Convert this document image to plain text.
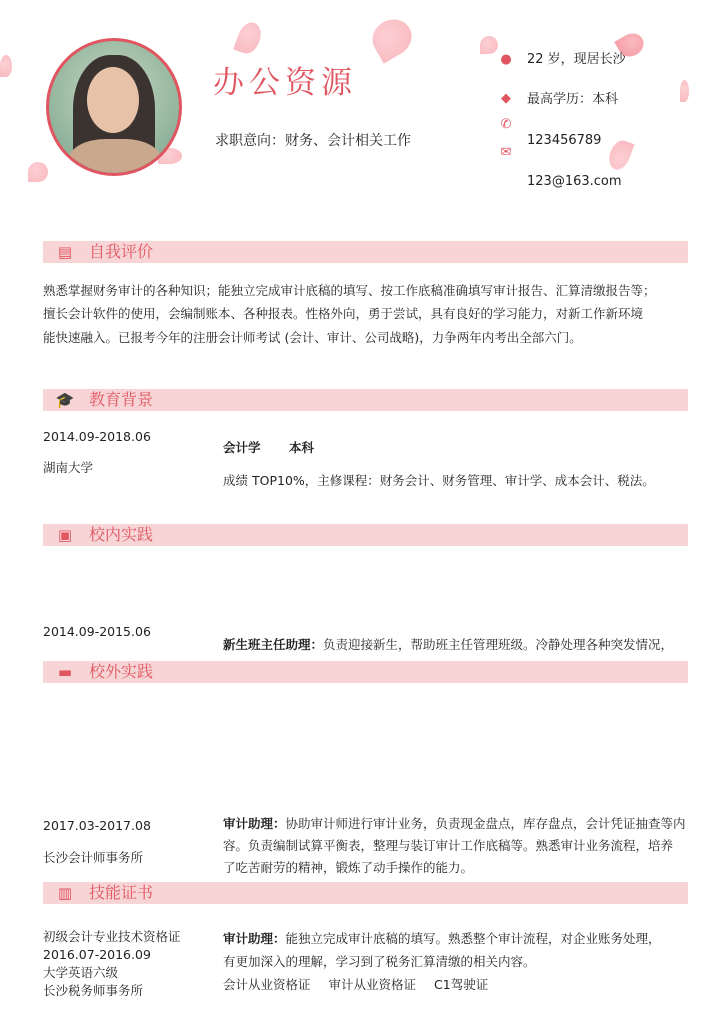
办公资源
求职意向：财务、会计相关工作
● 22 岁，现居长沙
◆ 最高学历：本科
✆
123456789
✉
123@163.com
▤ 自我评价
熟悉掌握财务审计的各种知识；能独立完成审计底稿的填写、按工作底稿准确填写审计报告、汇算清缴报告等；
擅长会计软件的使用，会编制账本、各种报表。性格外向，勇于尝试，具有良好的学习能力，对新工作新环境
能快速融入。已报考今年的注册会计师考试 (会计、审计、公司战略)，力争两年内考出全部六门。
🎓 教育背景
2014.09-2018.06
湖南大学
会计学 本科
成绩 TOP10%，主修课程：财务会计、财务管理、审计学、成本会计、税法。
▣ 校内实践
2014.09-2015.06
新生班主任助理：负责迎接新生，帮助班主任管理班级。冷静处理各种突发情况，
▬ 校外实践
2017.03-2017.08
长沙会计师事务所
审计助理：协助审计师进行审计业务，负责现金盘点，库存盘点，会计凭证抽查等内
容。负责编制试算平衡表，整理与装订审计工作底稿等。熟悉审计业务流程，培养
了吃苦耐劳的精神，锻炼了动手操作的能力。
▥ 技能证书
初级会计专业技术资格证
2016.07-2016.09
大学英语六级
长沙税务师事务所
审计助理：能独立完成审计底稿的填写。熟悉整个审计流程，对企业账务处理，
有更加深入的理解，学习到了税务汇算清缴的相关内容。
会计从业资格证 审计从业资格证 C1驾驶证
